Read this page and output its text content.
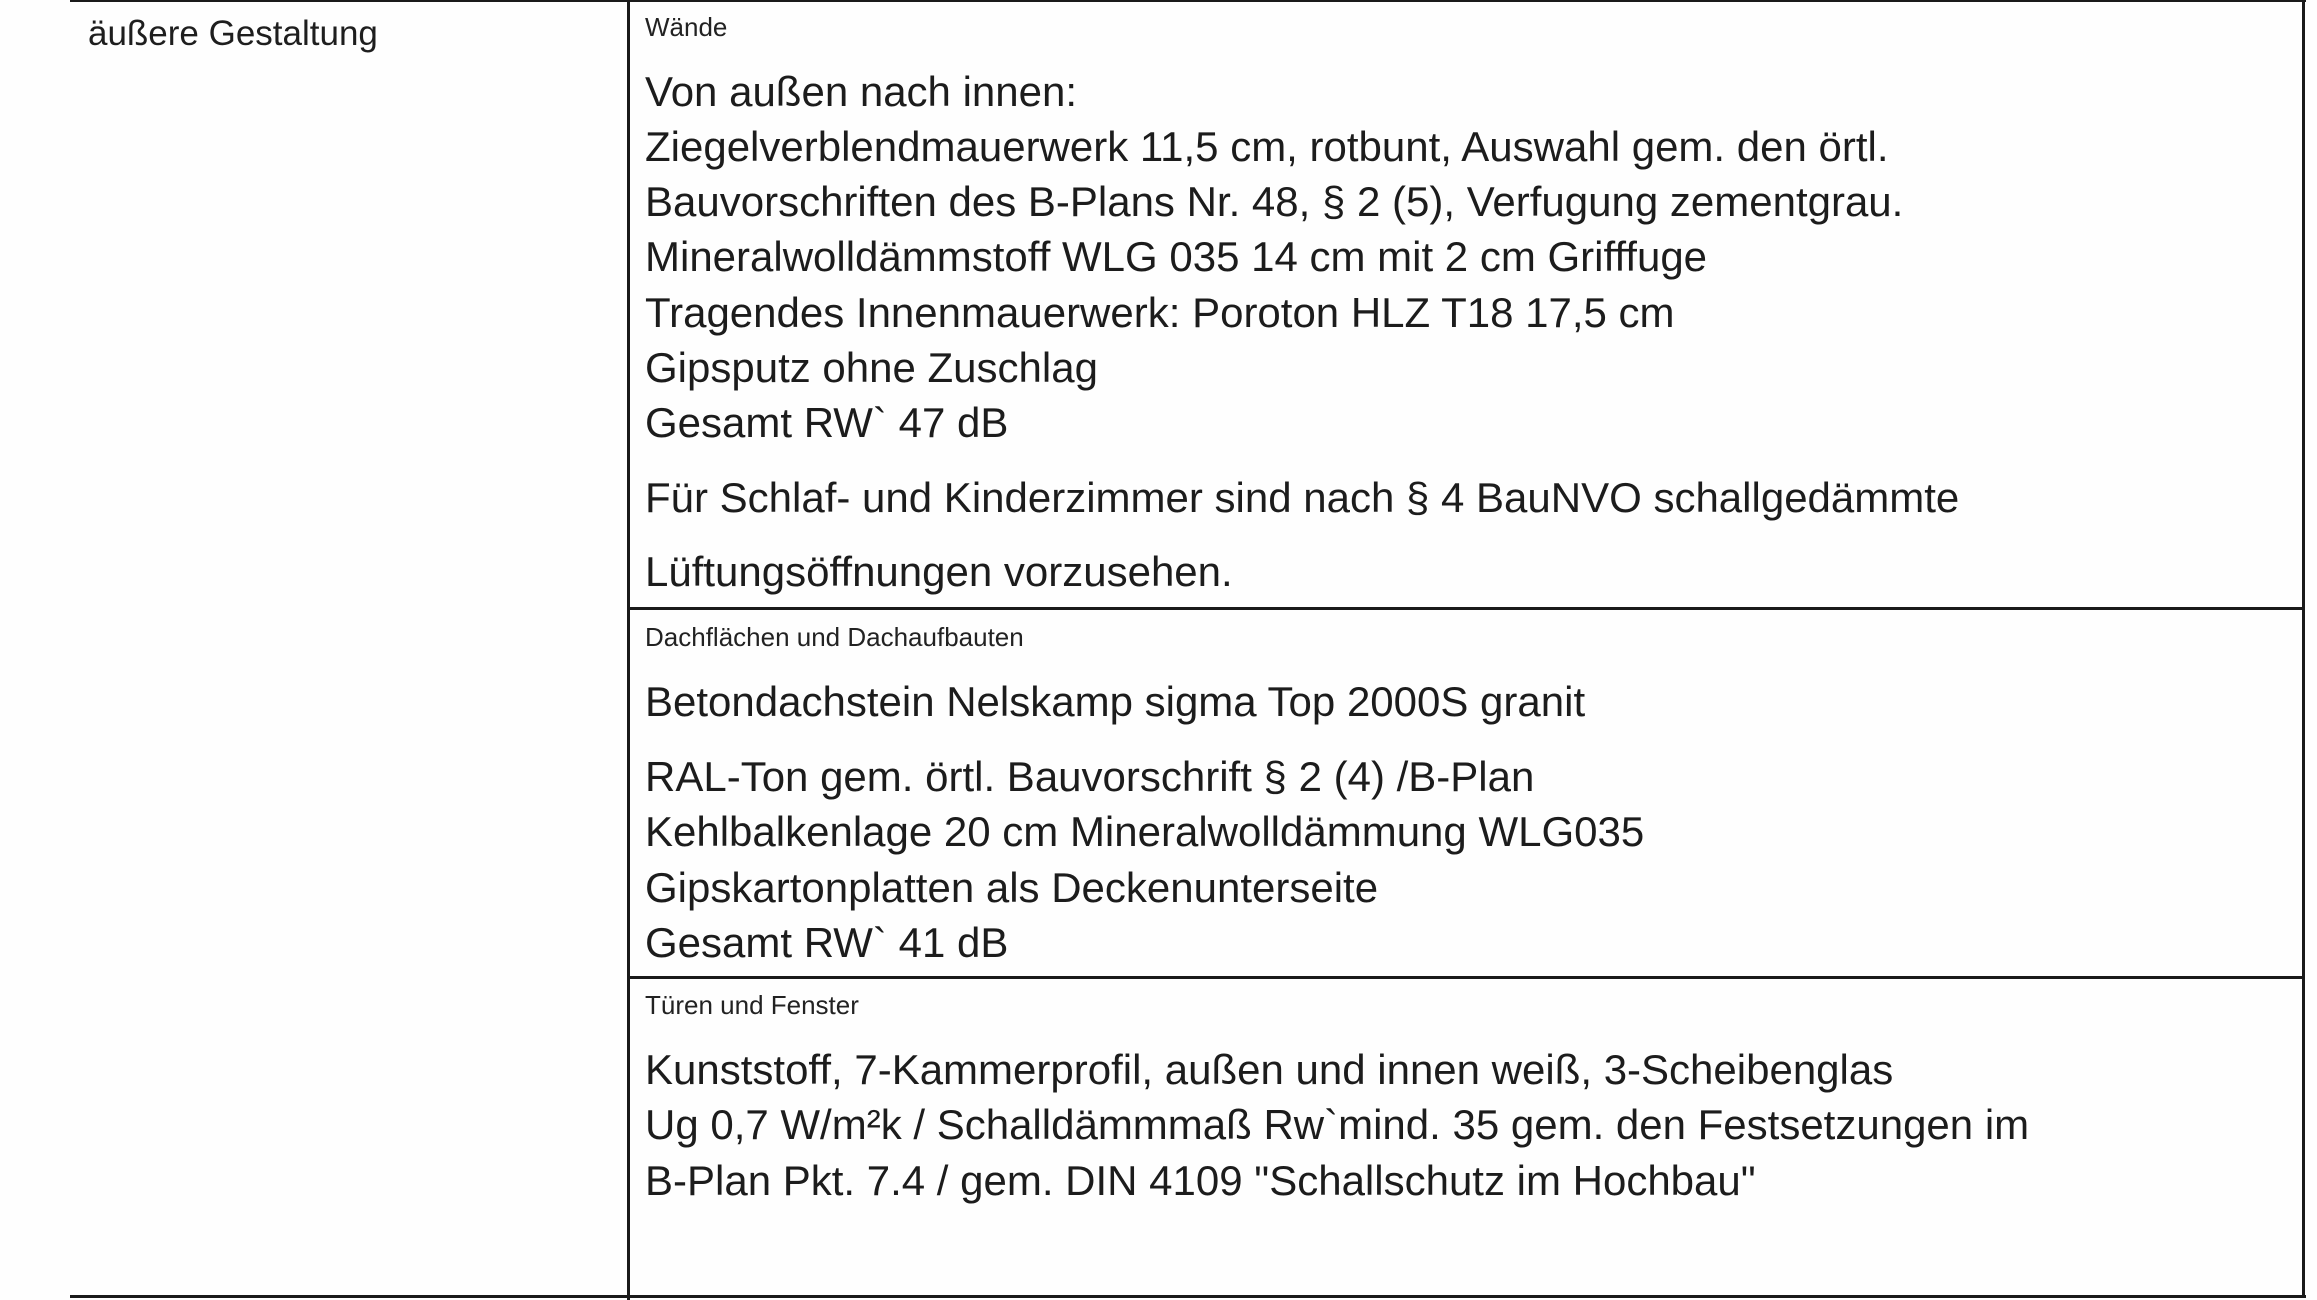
äußere Gestaltung	Wände
Von außen nach innen:
Ziegelverblendmauerwerk 11,5 cm, rotbunt, Auswahl gem. den örtl.
Bauvorschriften des B-Plans Nr. 48, § 2 (5), Verfugung zementgrau.
Mineralwolldämmstoff WLG 035 14 cm mit 2 cm Grifffuge
Tragendes Innenmauerwerk: Poroton HLZ T18 17,5 cm
Gipsputz ohne Zuschlag
Gesamt RW` 47 dB
Für Schlaf- und Kinderzimmer sind nach § 4 BauNVO schallgedämmte
Lüftungsöffnungen vorzusehen.
Dachflächen und Dachaufbauten
Betondachstein Nelskamp sigma Top 2000S granit
RAL-Ton gem. örtl. Bauvorschrift § 2 (4) /B-Plan
Kehlbalkenlage 20 cm Mineralwolldämmung WLG035
Gipskartonplatten als Deckenunterseite
Gesamt RW` 41 dB
Türen und Fenster
Kunststoff, 7-Kammerprofil, außen und innen weiß, 3-Scheibenglas
Ug 0,7 W/m²k / Schalldämmmaß Rw`mind. 35 gem. den Festsetzungen im
B-Plan Pkt. 7.4 / gem. DIN 4109 "Schallschutz im Hochbau"
